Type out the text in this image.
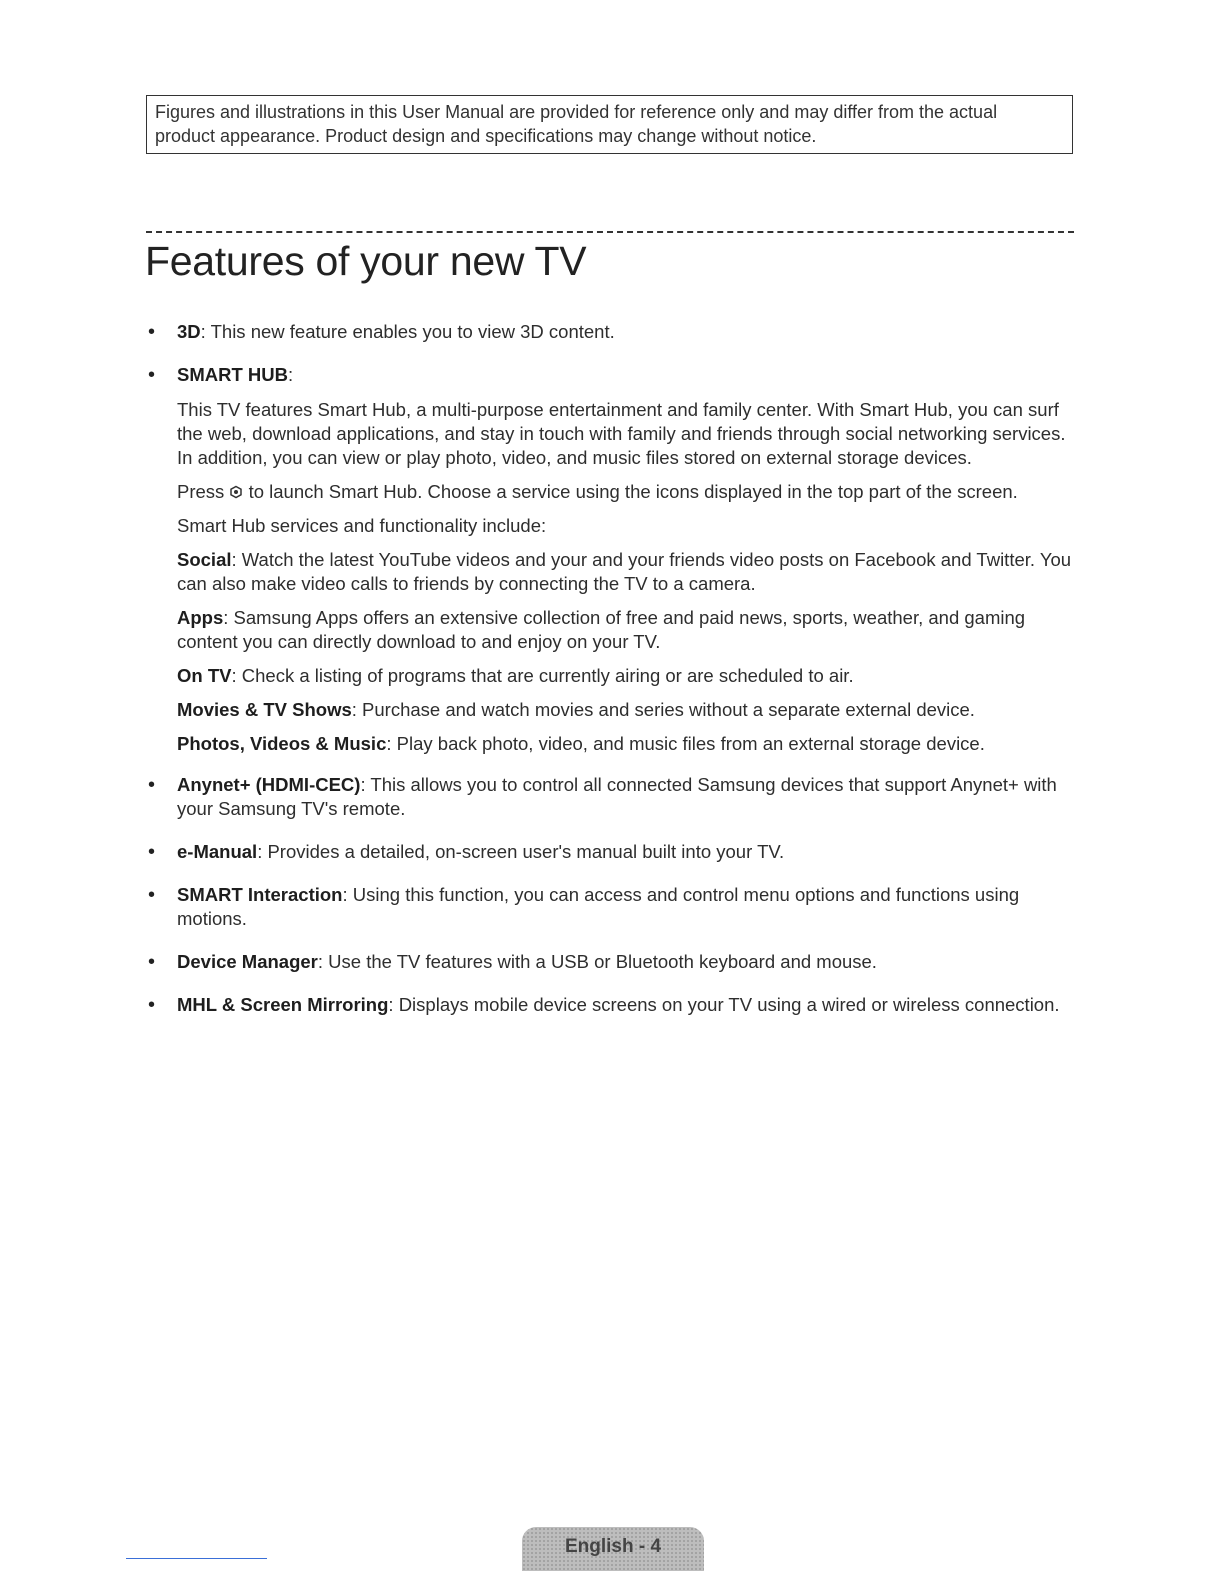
Figures and illustrations in this User Manual are provided for reference only and may differ from the actual product appearance. Product design and specifications may change without notice.
Features of your new TV
• 3D: This new feature enables you to view 3D content.
• SMART HUB:

This TV features Smart Hub, a multi-purpose entertainment and family center. With Smart Hub, you can surf the web, download applications, and stay in touch with family and friends through social networking services. In addition, you can view or play photo, video, and music files stored on external storage devices.

Press  to launch Smart Hub. Choose a service using the icons displayed in the top part of the screen.

Smart Hub services and functionality include:

Social: Watch the latest YouTube videos and your and your friends video posts on Facebook and Twitter. You can also make video calls to friends by connecting the TV to a camera.

Apps: Samsung Apps offers an extensive collection of free and paid news, sports, weather, and gaming content you can directly download to and enjoy on your TV.

On TV: Check a listing of programs that are currently airing or are scheduled to air.

Movies & TV Shows: Purchase and watch movies and series without a separate external device.

Photos, Videos & Music: Play back photo, video, and music files from an external storage device.

• Anynet+ (HDMI-CEC): This allows you to control all connected Samsung devices that support Anynet+ with your Samsung TV's remote.
• e-Manual: Provides a detailed, on-screen user's manual built into your TV.
• SMART Interaction: Using this function, you can access and control menu options and functions using motions.
• Device Manager: Use the TV features with a USB or Bluetooth keyboard and mouse.
• MHL & Screen Mirroring: Displays mobile device screens on your TV using a wired or wireless connection.
English - 4
